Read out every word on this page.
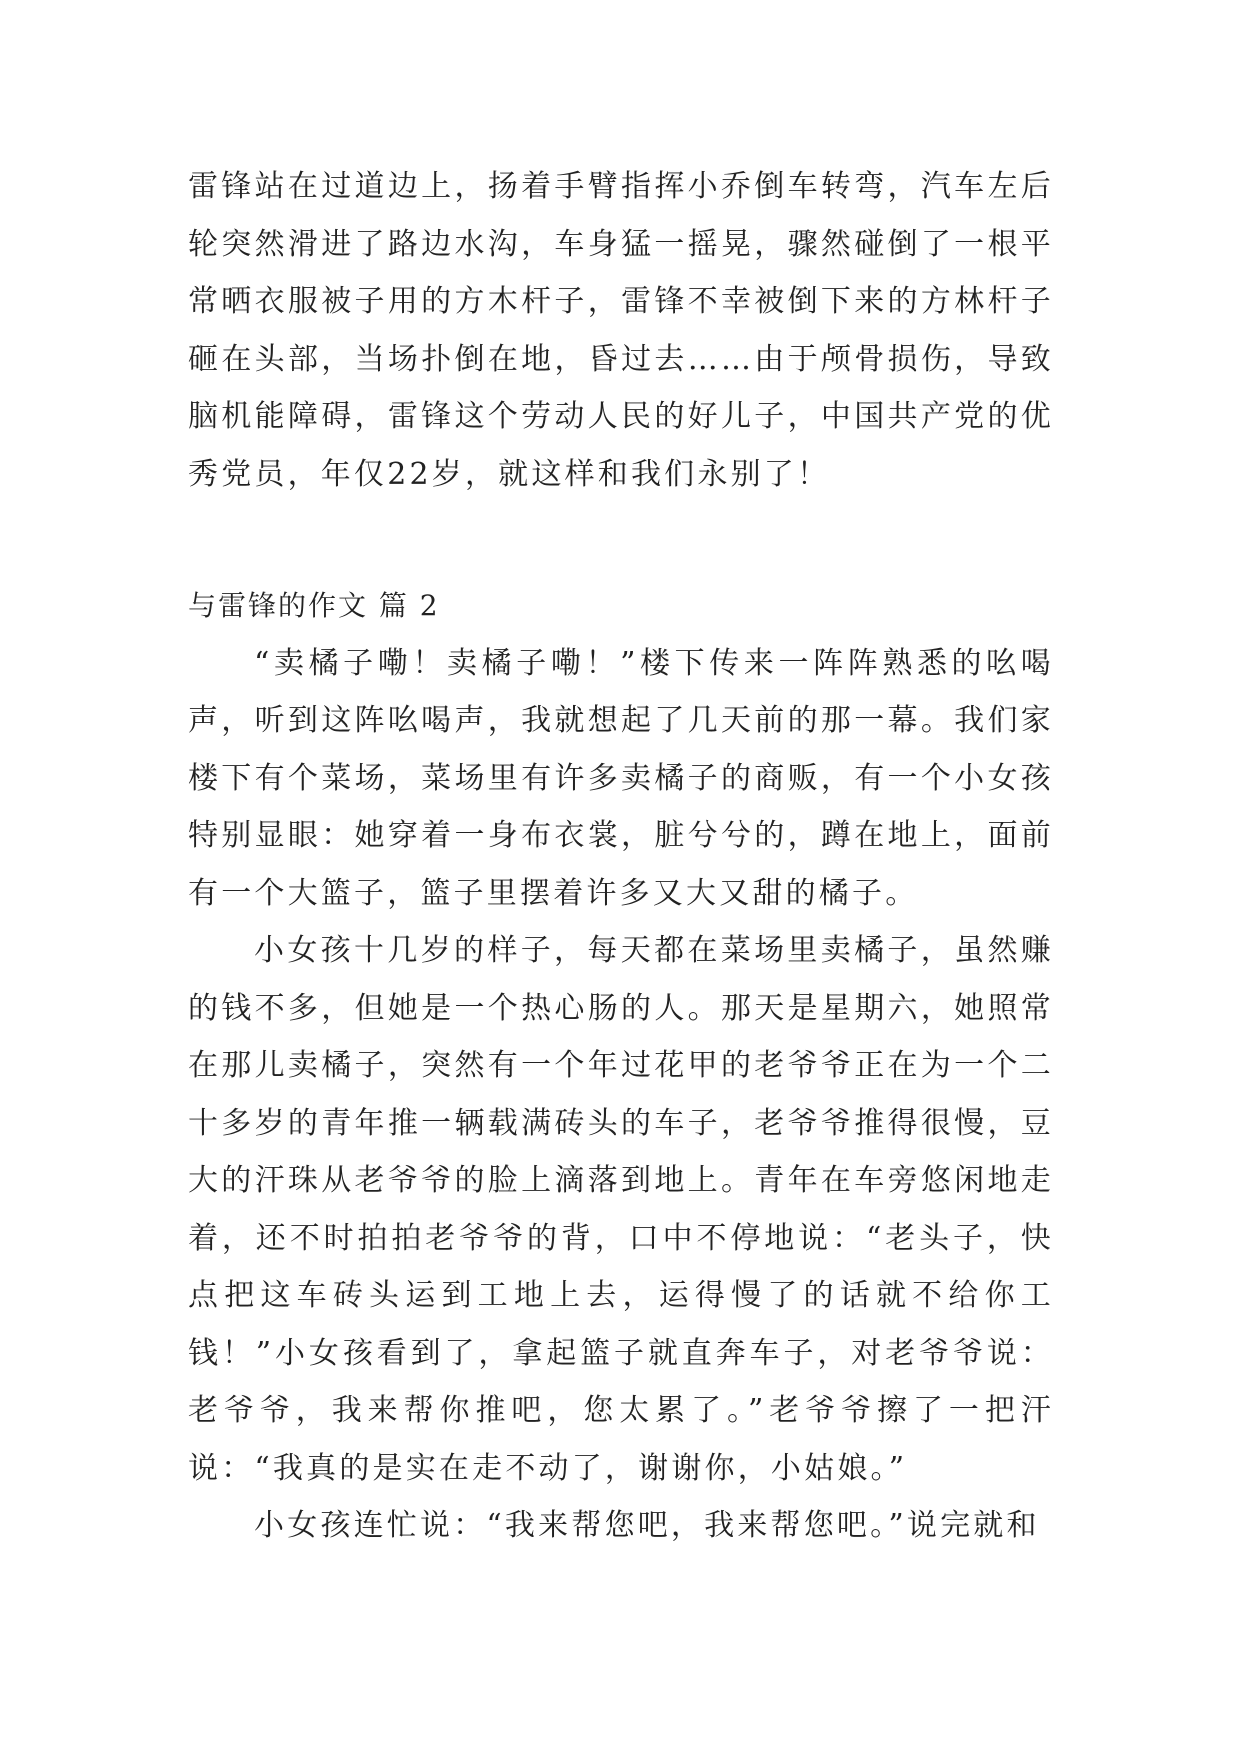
雷锋站在过道边上，扬着手臂指挥小乔倒车转弯，汽车左后轮突然滑进了路边水沟，车身猛一摇晃，骤然碰倒了一根平常晒衣服被子用的方木杆子，雷锋不幸被倒下来的方林杆子砸在头部，当场扑倒在地，昏过去……由于颅骨损伤，导致脑机能障碍，雷锋这个劳动人民的好儿子，中国共产党的优秀党员，年仅22岁，就这样和我们永别了！

与雷锋的作文 篇 2

“卖橘子嘞！卖橘子嘞！”楼下传来一阵阵熟悉的吆喝声，听到这阵吆喝声，我就想起了几天前的那一幕。我们家楼下有个菜场，菜场里有许多卖橘子的商贩，有一个小女孩特别显眼：她穿着一身布衣裳，脏兮兮的，蹲在地上，面前有一个大篮子，篮子里摆着许多又大又甜的橘子。

小女孩十几岁的样子，每天都在菜场里卖橘子，虽然赚的钱不多，但她是一个热心肠的人。那天是星期六，她照常在那儿卖橘子，突然有一个年过花甲的老爷爷正在为一个二十多岁的青年推一辆载满砖头的车子，老爷爷推得很慢，豆大的汗珠从老爷爷的脸上滴落到地上。青年在车旁悠闲地走着，还不时拍拍老爷爷的背，口中不停地说：“老头子，快点把这车砖头运到工地上去，运得慢了的话就不给你工钱！”小女孩看到了，拿起篮子就直奔车子，对老爷爷说：老爷爷，我来帮你推吧，您太累了。”老爷爷擦了一把汗说：“我真的是实在走不动了，谢谢你，小姑娘。”

小女孩连忙说：“我来帮您吧，我来帮您吧。”说完就和
